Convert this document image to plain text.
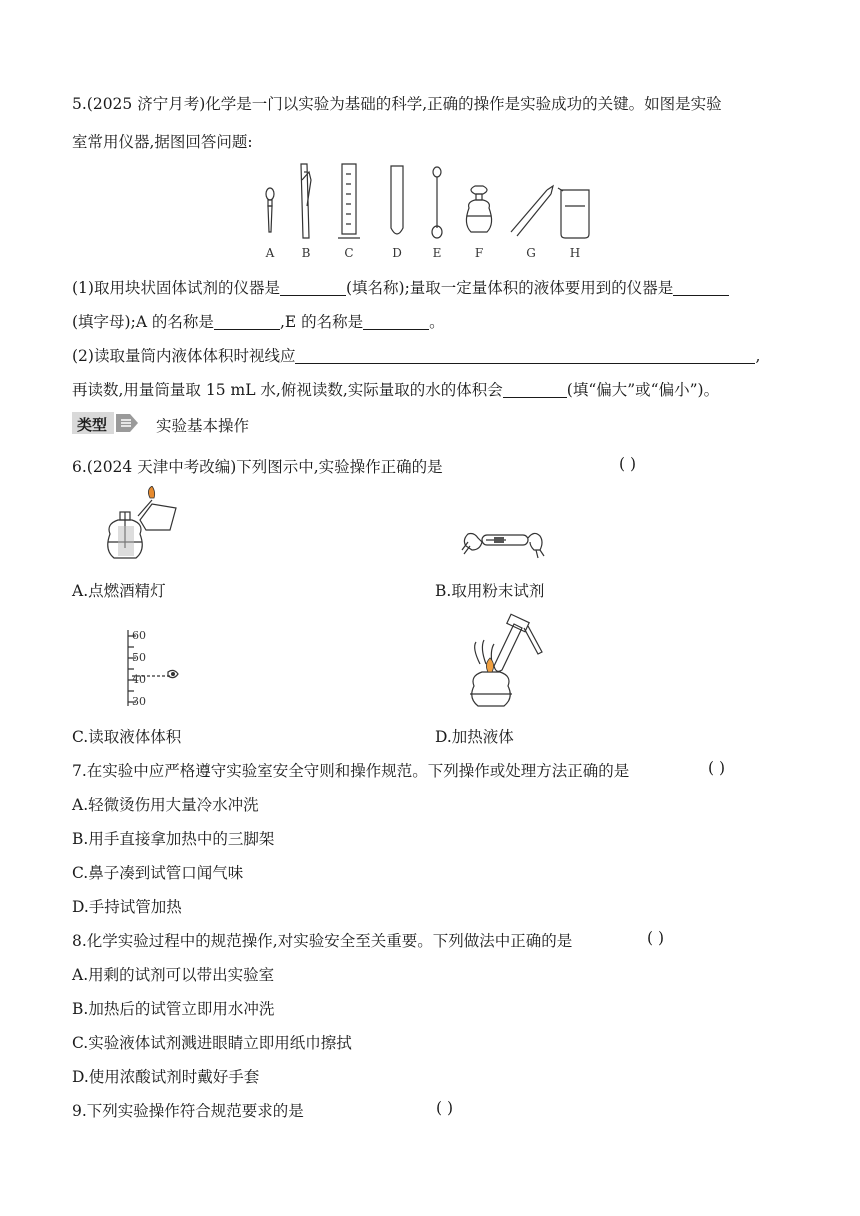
5.(2025 济宁月考)化学是一门以实验为基础的科学,正确的操作是实验成功的关键。如图是实验
室常用仪器,据图回答问题:
A B	C	D	E	F	G	H
(1)取用块状固体试剂的仪器是	(填名称);量取一定量体积的液体要用到的仪器是
(填字母);A 的名称是	,E 的名称是	。
(2)读取量筒内液体体积时视线应	,
再读数,用量筒量取 15 mL 水,俯视读数,实际量取的水的体积会	(填“偏大”或“偏小”)。
类型	实验基本操作
6.(2024 天津中考改编)下列图示中,实验操作正确的是	( )
A.点燃酒精灯	B.取用粉末试剂
60
50
40
30
C.读取液体体积	D.加热液体
7.在实验中应严格遵守实验室安全守则和操作规范。下列操作或处理方法正确的是	( )
A.轻微烫伤用大量冷水冲洗
B.用手直接拿加热中的三脚架
C.鼻子凑到试管口闻气味
D.手持试管加热
8.化学实验过程中的规范操作,对实验安全至关重要。下列做法中正确的是	( )
A.用剩的试剂可以带出实验室
B.加热后的试管立即用水冲洗
C.实验液体试剂溅进眼睛立即用纸巾擦拭
D.使用浓酸试剂时戴好手套
9.下列实验操作符合规范要求的是	( )
